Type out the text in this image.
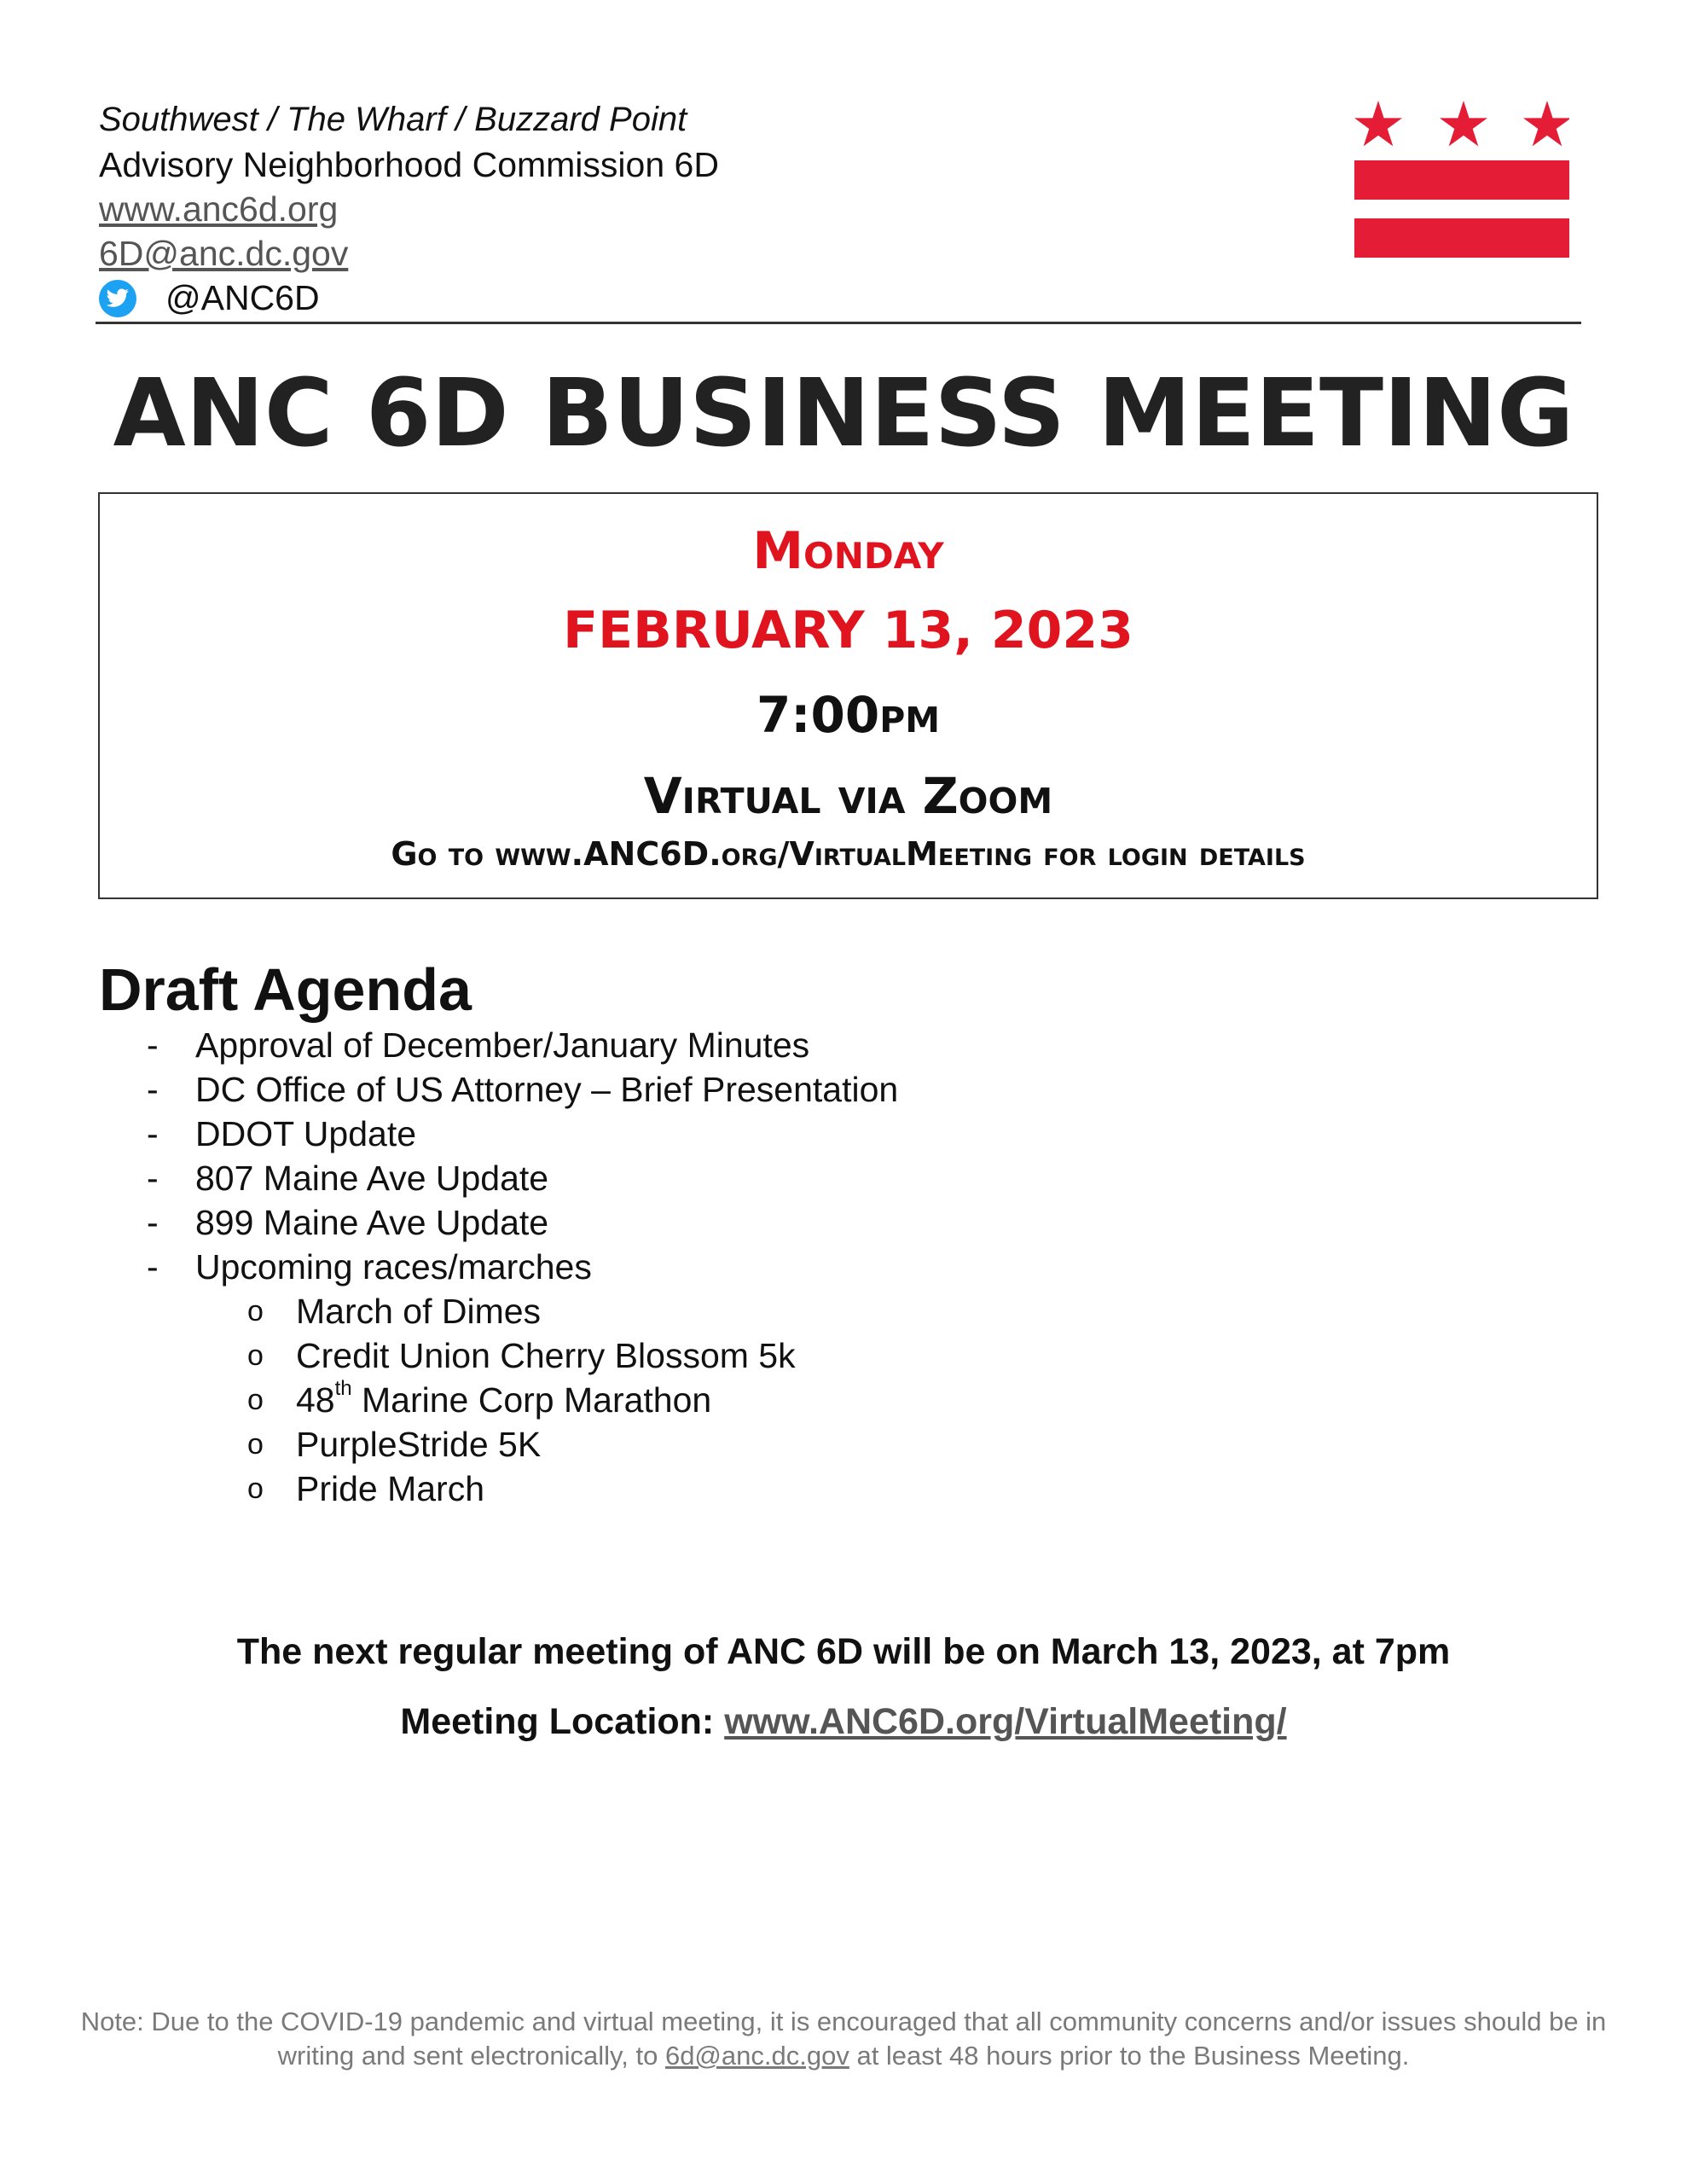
Southwest / The Wharf / Buzzard Point
Advisory Neighborhood Commission 6D
www.anc6d.org
6D@anc.dc.gov
@ANC6D
ANC 6D BUSINESS MEETING
Monday
FEBRUARY 13, 2023
7:00pm
Virtual via Zoom
Go to www.ANC6D.org/VirtualMeeting for login details
Draft Agenda
- Approval of December/January Minutes
- DC Office of US Attorney – Brief Presentation
- DDOT Update
- 807 Maine Ave Update
- 899 Maine Ave Update
- Upcoming races/marches
o March of Dimes
o Credit Union Cherry Blossom 5k
o 48th Marine Corp Marathon
o PurpleStride 5K
o Pride March
The next regular meeting of ANC 6D will be on March 13, 2023, at 7pm
Meeting Location: www.ANC6D.org/VirtualMeeting/
Note: Due to the COVID-19 pandemic and virtual meeting, it is encouraged that all community concerns and/or issues should be in
writing and sent electronically, to 6d@anc.dc.gov at least 48 hours prior to the Business Meeting.
